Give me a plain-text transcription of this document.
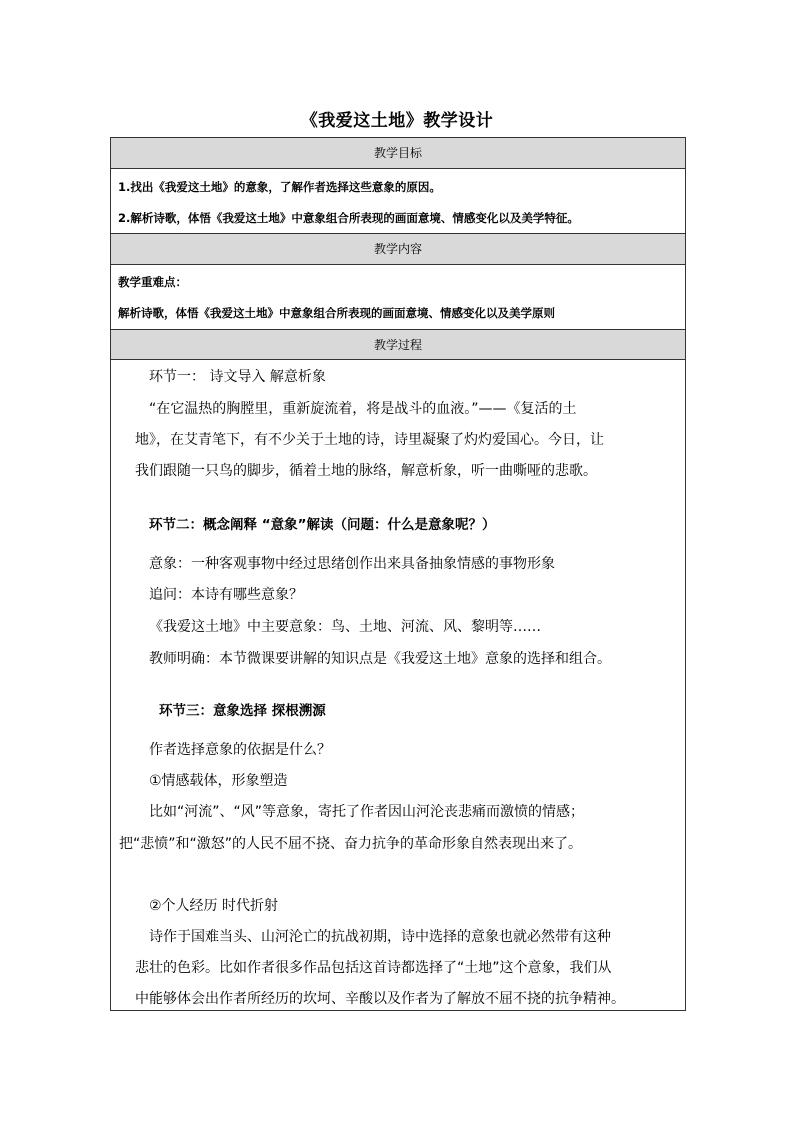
《我爱这土地》教学设计
教学目标
1.找出《我爱这土地》的意象，了解作者选择这些意象的原因。
2.解析诗歌，体悟《我爱这土地》中意象组合所表现的画面意境、情感变化以及美学特征。
教学内容
教学重难点：
解析诗歌，体悟《我爱这土地》中意象组合所表现的画面意境、情感变化以及美学原则
教学过程
环节一： 诗文导入 解意析象
“在它温热的胸膛里，重新旋流着，将是战斗的血液。”——《复活的土
地》，在艾青笔下，有不少关于土地的诗，诗里凝聚了灼灼爱国心。今日，让
我们跟随一只鸟的脚步，循着土地的脉络，解意析象，听一曲嘶哑的悲歌。
环节二：概念阐释 “意象”解读（问题：什么是意象呢？）
意象：一种客观事物中经过思绪创作出来具备抽象情感的事物形象
追问：本诗有哪些意象？
《我爱这土地》中主要意象：鸟、土地、河流、风、黎明等……
教师明确：本节微课要讲解的知识点是《我爱这土地》意象的选择和组合。
环节三：意象选择 探根溯源
作者选择意象的依据是什么？
①情感载体，形象塑造
比如“河流”、“风”等意象，寄托了作者因山河沦丧悲痛而激愤的情感；
把“悲愤”和“激怒”的人民不屈不挠、奋力抗争的革命形象自然表现出来了。
②个人经历 时代折射
诗作于国难当头、山河沦亡的抗战初期，诗中选择的意象也就必然带有这种
悲壮的色彩。比如作者很多作品包括这首诗都选择了“土地”这个意象，我们从
中能够体会出作者所经历的坎坷、辛酸以及作者为了解放不屈不挠的抗争精神。
